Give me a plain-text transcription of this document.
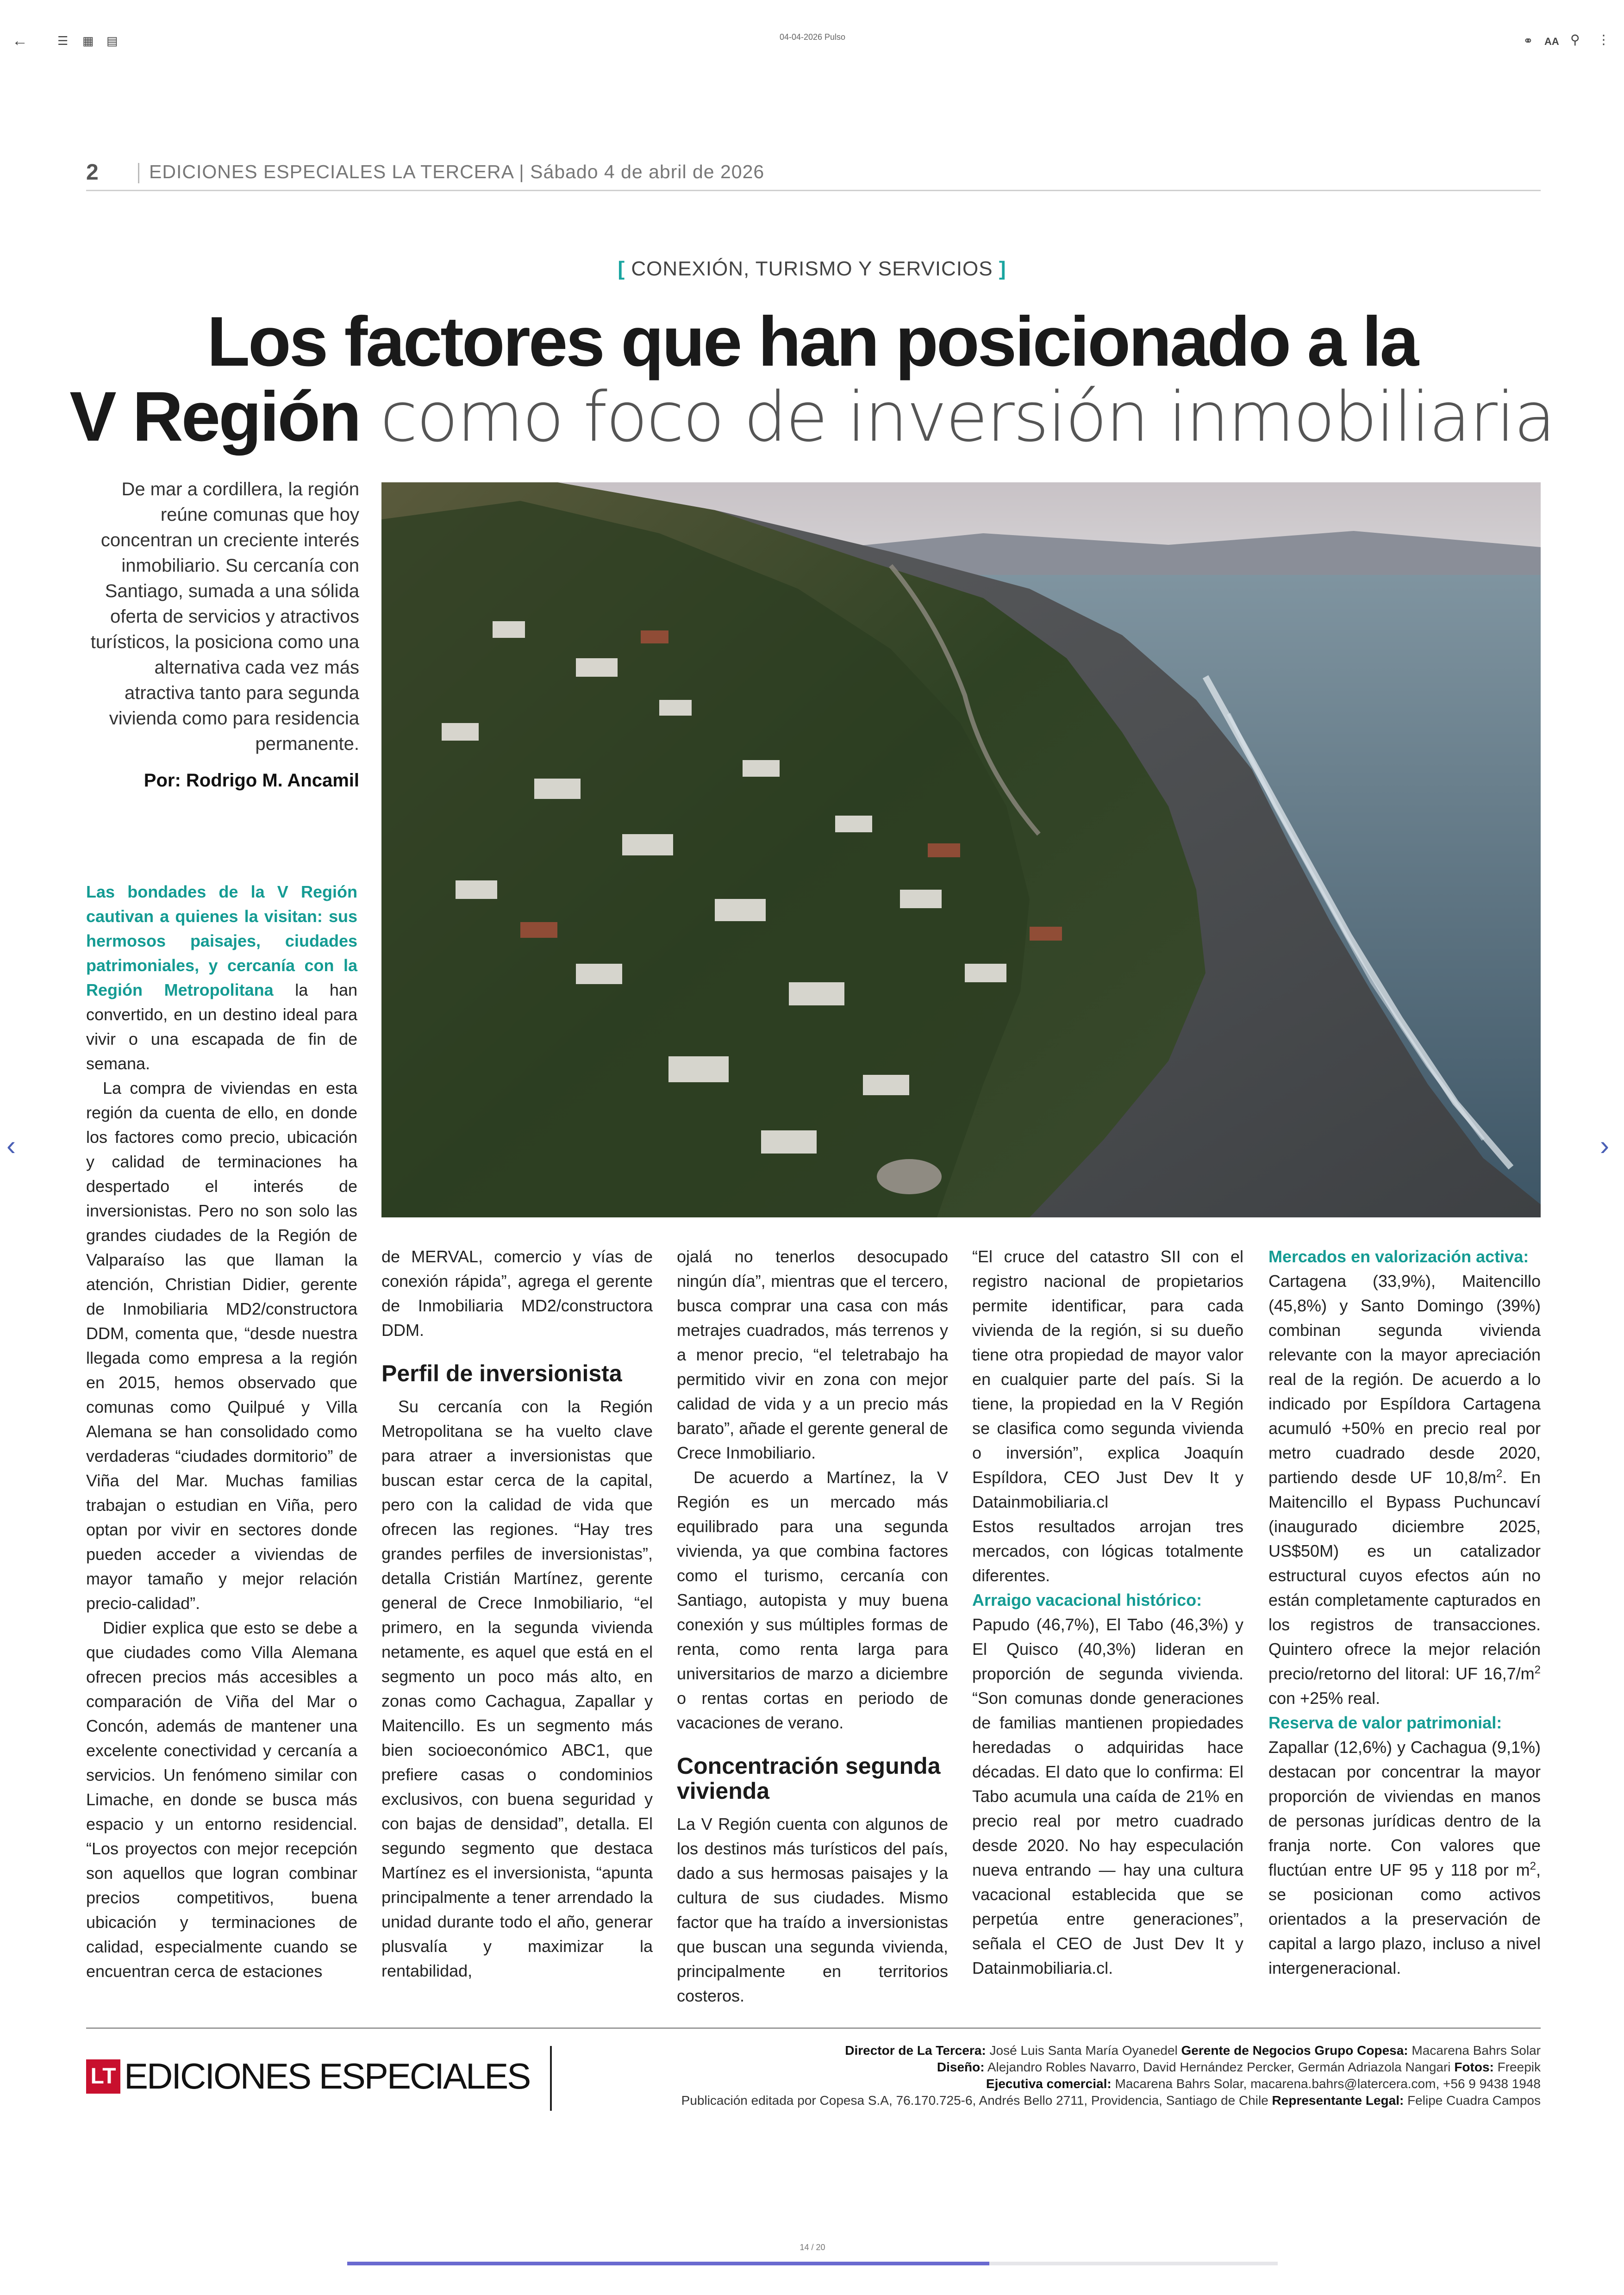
← ☰ ▦ ▤	04-04-2026 Pulso	⚭ AA ⚲ ⋮
2	EDICIONES ESPECIALES LA TERCERA | Sábado 4 de abril de 2026
[ CONEXIÓN, TURISMO Y SERVICIOS ]
Los factores que han posicionado a la
V Región como foco de inversión inmobiliaria
De mar a cordillera, la región reúne comunas que hoy concentran un creciente interés inmobiliario. Su cercanía con Santiago, sumada a una sólida oferta de servicios y atractivos turísticos, la posiciona como una alternativa cada vez más atractiva tanto para segunda vivienda como para residencia permanente.
Por: Rodrigo M. Ancamil

Las bondades de la V Región cautivan a quienes la visitan: sus hermosos paisajes, ciudades patrimoniales, y cercanía con la Región Metropolitana la han convertido, en un destino ideal para vivir o una escapada de fin de semana.

La compra de viviendas en esta región da cuenta de ello, en donde los factores como precio, ubicación y calidad de terminaciones ha despertado el interés de inversionistas. Pero no son solo las grandes ciudades de la Región de Valparaíso las que llaman la atención, Christian Didier, gerente de Inmobiliaria MD2/constructora DDM, comenta que, “desde nuestra llegada como empresa a la región en 2015, hemos observado que comunas como Quilpué y Villa Alemana se han consolidado como verdaderas “ciudades dormitorio” de Viña del Mar. Muchas familias trabajan o estudian en Viña, pero optan por vivir en sectores donde pueden acceder a viviendas de mayor tamaño y mejor relación precio-calidad”.

Didier explica que esto se debe a que ciudades como Villa Alemana ofrecen precios más accesibles a comparación de Viña del Mar o Concón, además de mantener una excelente conectividad y cercanía a servicios. Un fenómeno similar con Limache, en donde se busca más espacio y un entorno residencial. “Los proyectos con mejor recepción son aquellos que logran combinar precios competitivos, buena ubicación y terminaciones de calidad, especialmente cuando se encuentran cerca de estaciones

de MERVAL, comercio y vías de conexión rápida”, agrega el gerente de Inmobiliaria MD2/constructora DDM.

Perfil de inversionista

Su cercanía con la Región Metropolitana se ha vuelto clave para atraer a inversionistas que buscan estar cerca de la capital, pero con la calidad de vida que ofrecen las regiones. “Hay tres grandes perfiles de inversionistas”, detalla Cristián Martínez, gerente general de Crece Inmobiliario, “el primero, en la segunda vivienda netamente, es aquel que está en el segmento un poco más alto, en zonas como Cachagua, Zapallar y Maitencillo. Es un segmento más bien socioeconómico ABC1, que prefiere casas o condominios exclusivos, con buena seguridad y con bajas de densidad”, detalla. El segundo segmento que destaca Martínez es el inversionista, “apunta principalmente a tener arrendado la unidad durante todo el año, generar plusvalía y maximizar la rentabilidad,

ojalá no tenerlos desocupado ningún día”, mientras que el tercero, busca comprar una casa con más metrajes cuadrados, más terrenos y a menor precio, “el teletrabajo ha permitido vivir en zona con mejor calidad de vida y a un precio más barato”, añade el gerente general de Crece Inmobiliario.

De acuerdo a Martínez, la V Región es un mercado más equilibrado para una segunda vivienda, ya que combina factores como el turismo, cercanía con Santiago, autopista y muy buena conexión y sus múltiples formas de renta, como renta larga para universitarios de marzo a diciembre o rentas cortas en periodo de vacaciones de verano.

Concentración segunda vivienda

La V Región cuenta con algunos de los destinos más turísticos del país, dado a sus hermosas paisajes y la cultura de sus ciudades. Mismo factor que ha traído a inversionistas que buscan una segunda vivienda, principalmente en territorios costeros.

“El cruce del catastro SII con el registro nacional de propietarios permite identificar, para cada vivienda de la región, si su dueño tiene otra propiedad de mayor valor en cualquier parte del país. Si la tiene, la propiedad en la V Región se clasifica como segunda vivienda o inversión”, explica Joaquín Espíldora, CEO Just Dev It y Datainmobiliaria.cl

Estos resultados arrojan tres mercados, con lógicas totalmente diferentes.

Arraigo vacacional histórico:

Papudo (46,7%), El Tabo (46,3%) y El Quisco (40,3%) lideran en proporción de segunda vivienda. “Son comunas donde generaciones de familias mantienen propiedades heredadas o adquiridas hace décadas. El dato que lo confirma: El Tabo acumula una caída de 21% en precio real por metro cuadrado desde 2020. No hay especulación nueva entrando — hay una cultura vacacional establecida que se perpetúa entre generaciones”, señala el CEO de Just Dev It y Datainmobiliaria.cl.

Mercados en valorización activa:

Cartagena (33,9%), Maitencillo (45,8%) y Santo Domingo (39%) combinan segunda vivienda relevante con la mayor apreciación real de la región. De acuerdo a lo indicado por Espíldora Cartagena acumuló +50% en precio real por metro cuadrado desde 2020, partiendo desde UF $10,8/m^2$. En Maitencillo el Bypass Puchuncaví (inaugurado diciembre 2025, US$50M) es un catalizador estructural cuyos efectos aún no están completamente capturados en los registros de transacciones. Quintero ofrece la mejor relación precio/retorno del litoral: UF $16,7/m^2$ con +25% real.

Reserva de valor patrimonial:

Zapallar (12,6%) y Cachagua (9,1%) destacan por concentrar la mayor proporción de viviendas en manos de personas jurídicas dentro de la franja norte. Con valores que fluctúan entre UF 95 y 118 por $m^2$, se posicionan como activos orientados a la preservación de capital a largo plazo, incluso a nivel intergeneracional.

LT EDICIONES ESPECIALES
Director de La Tercera: José Luis Santa María Oyanedel Gerente de Negocios Grupo Copesa: Macarena Bahrs Solar
Diseño: Alejandro Robles Navarro, David Hernández Percker, Germán Adriazola Nangari Fotos: Freepik
Ejecutiva comercial: Macarena Bahrs Solar, macarena.bahrs@latercera.com, +56 9 9438 1948
Publicación editada por Copesa S.A, 76.170.725-6, Andrés Bello 2711, Providencia, Santiago de Chile Representante Legal: Felipe Cuadra Campos
‹	›
14 / 20
